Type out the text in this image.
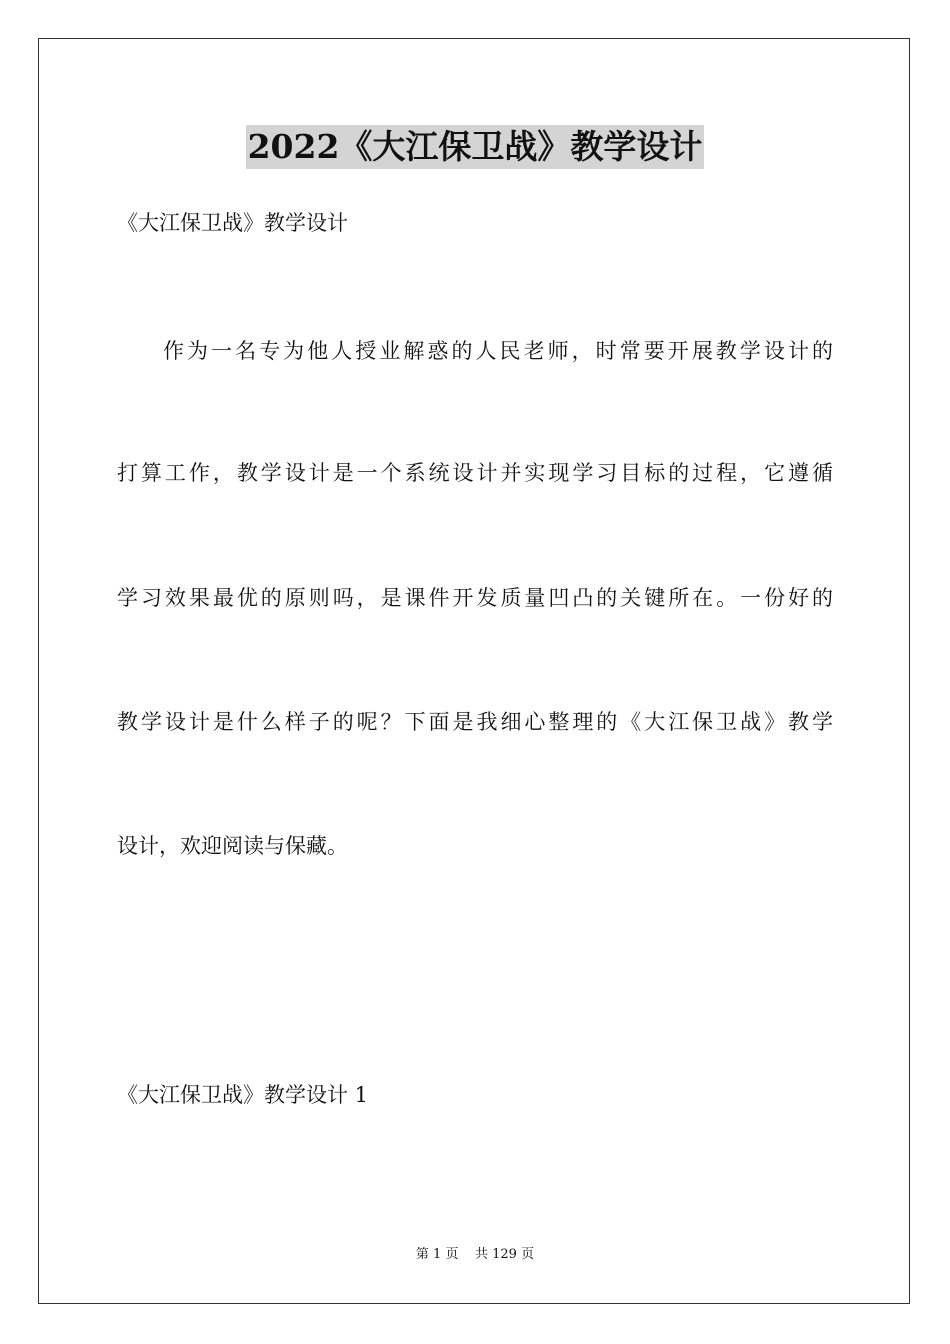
2022《大江保卫战》教学设计
《大江保卫战》教学设计
作为一名专为他人授业解惑的人民老师，时常要开展教学设计的
打算工作，教学设计是一个系统设计并实现学习目标的过程，它遵循
学习效果最优的原则吗，是课件开发质量凹凸的关键所在。一份好的
教学设计是什么样子的呢？下面是我细心整理的《大江保卫战》教学
设计，欢迎阅读与保藏。
《大江保卫战》教学设计 1
第 1 页    共 129 页
